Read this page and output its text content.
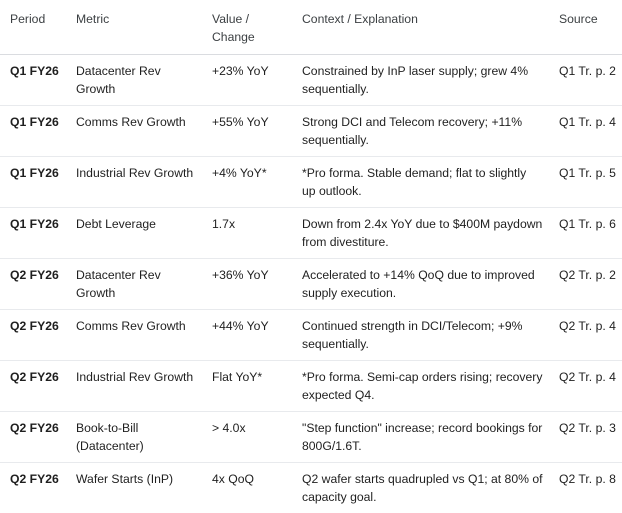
Period	Metric	Value / Change	Context / Explanation	Source
Q1 FY26	Datacenter Rev Growth	+23% YoY	Constrained by InP laser supply; grew 4% sequentially.	Q1 Tr. p. 2
Q1 FY26	Comms Rev Growth	+55% YoY	Strong DCI and Telecom recovery; +11% sequentially.	Q1 Tr. p. 4
Q1 FY26	Industrial Rev Growth	+4% YoY*	*Pro forma. Stable demand; flat to slightly up outlook.	Q1 Tr. p. 5
Q1 FY26	Debt Leverage	1.7x	Down from 2.4x YoY due to $400M paydown from divestiture.	Q1 Tr. p. 6
Q2 FY26	Datacenter Rev Growth	+36% YoY	Accelerated to +14% QoQ due to improved supply execution.	Q2 Tr. p. 2
Q2 FY26	Comms Rev Growth	+44% YoY	Continued strength in DCI/Telecom; +9% sequentially.	Q2 Tr. p. 4
Q2 FY26	Industrial Rev Growth	Flat YoY*	*Pro forma. Semi-cap orders rising; recovery expected Q4.	Q2 Tr. p. 4
Q2 FY26	Book-to-Bill (Datacenter)	> 4.0x	"Step function" increase; record bookings for 800G/1.6T.	Q2 Tr. p. 3
Q2 FY26	Wafer Starts (InP)	4x QoQ	Q2 wafer starts quadrupled vs Q1; at 80% of capacity goal.	Q2 Tr. p. 8
